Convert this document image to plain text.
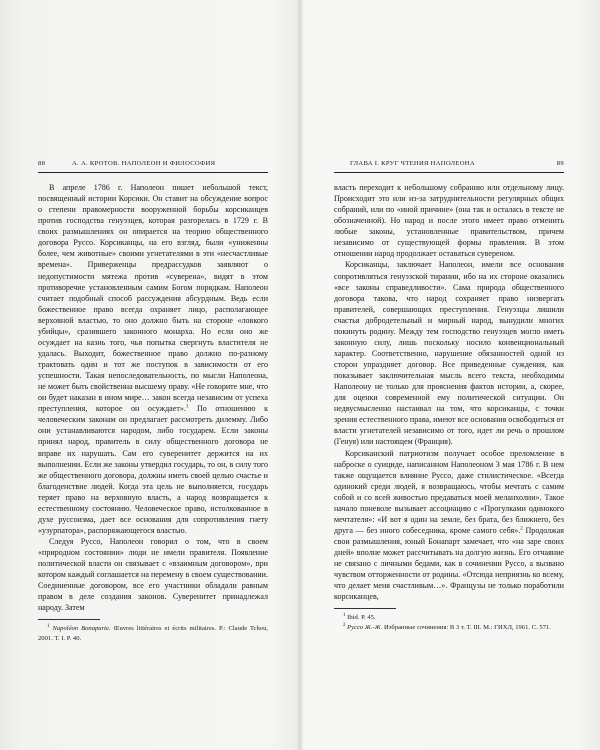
88	А. А. КРОТОВ. НАПОЛЕОН И ФИЛОСОФИЯ

В апреле 1786 г. Наполеон пишет небольшой текст, посвященный истории Корсики. Он ставит на обсуждение вопрос о степени правомерности вооруженной борьбы корсиканцев против господства генуэзцев, которая разгорелась в 1729 г. В своих размышлениях он опирается на теорию общественного договора Руссо. Корсиканцы, на его взгляд, были «униженны более, чем животные» своими угнетателями в эти «несчастливые времена». Приверженцы предрассудков заявляют о недопустимости мятежа против «суверена», видят в этом противоречие установленным самим Богом порядкам. Наполеон считает подобный способ рассуждения абсурдным. Ведь если божественное право всегда охраняет лицо, располагающее верховной властью, то оно должно быть на стороне «ловкого убийцы», сразившего законного монарха. Но если оно же осуждает на казнь того, чья попытка свергнуть властителя не удалась. Выходит, божественное право должно по-разному трактовать один и тот же поступок в зависимости от его успешности. Такая непоследовательность, по мысли Наполеона, не может быть свойственна высшему праву. «Не говорите мне, что он будет наказан в ином мире… закон всегда независим от успеха преступления, которое он осуждает».$^1$ По отношению к человеческим законам он предлагает рассмотреть дилемму. Либо они устанавливаются народом, либо государем. Если законы принял народ, правитель в силу общественного договора не вправе их нарушать. Сам его суверенитет держится на их выполнении. Если же законы утвердил государь, то он, в силу того же общественного договора, должны иметь своей целью счастье и благоденствие людей. Когда эта цель не выполняется, государь теряет право на верховную власть, а народ возвращается к естественному состоянию. Человеческое право, истолкованное в духе руссоизма, дает все основания для сопротивления гнету «узурпатора», распоряжающегося властью.

Следуя Руссо, Наполеон говорил о том, что в своем «природном состоянии» люди не имели правителя. Появление политической власти он связывает с «взаимным договором», при котором каждый соглашается на перемену в своем существовании. Соединенные договором, все его участники обладали равным правом в деле создания законов. Суверенитет принадлежал народу. Затем

$^1$ Napoléon Bonaparte. Œuvres littéraires et écrits militaires. P.: Claude Tchou, 2001. T. I. P. 40.

ГЛАВА I. КРУГ ЧТЕНИЯ НАПОЛЕОНА	89

власть переходит к небольшому собранию или отдельному лицу. Происходит это или из-за затруднительности регулярных общих собраний, или по «иной причине» (она так и осталась в тексте не обозначенной). Но народ и после этого имеет право отменить любые законы, установленные правительством, причем независимо от существующей формы правления. В этом отношении народ продолжает оставаться сувереном.

Корсиканцы, заключает Наполеон, имели все основания сопротивляться генуэзской тирании, ибо на их стороне оказались «все законы справедливости». Сама природа общественного договора такова, что народ сохраняет право низвергать правителей, совершающих преступления. Генуэзцы лишили счастья добродетельный и мирный народ, вынудили многих покинуть родину. Между тем господство генуэзцев могло иметь законную силу, лишь поскольку носило конвенциональный характер. Соответственно, нарушение обязанностей одной из сторон упраздняет договор. Все приведенные суждения, как показывает заключительная мысль всего текста, необходимы Наполеону не только для прояснения фактов истории, а, скорее, для оценки современной ему политической ситуации. Он недвусмысленно настаивал на том, что корсиканцы, с точки зрения естественного права, имеют все основания освободиться от власти угнетателей независимо от того, идет ли речь о прошлом (Генуя) или настоящем (Франция).

Корсиканский патриотизм получает особое преломление в наброске о суициде, написанном Наполеоном 3 мая 1786 г. В нем также ощущается влияние Руссо, даже стилистическое. «Всегда одинокий среди людей, я возвращаюсь, чтобы мечтать с самим собой и со всей живостью предаваться моей меланхолии». Такое начало поневоле вызывает ассоциацию с «Прогулками одинокого мечтателя»: «И вот я один на земле, без брата, без ближнего, без друга — без иного собеседника, кроме самого себя».$^2$ Продолжая свои размышления, юный Бонапарт замечает, что «на заре своих дней» вполне может рассчитывать на долгую жизнь. Его отчаяние не связано с личными бедами, как в сочинении Руссо, а вызвано чувством отторженности от родины. «Отсюда неприязнь ко всему, что делает меня счастливым…». Французы не только поработили корсиканцев,

$^1$ Ibid. P. 45.

$^2$ Руссо Ж.-Ж. Избранные сочинения: В 3 т. Т. III. М.: ГИХЛ, 1961. С. 571.
